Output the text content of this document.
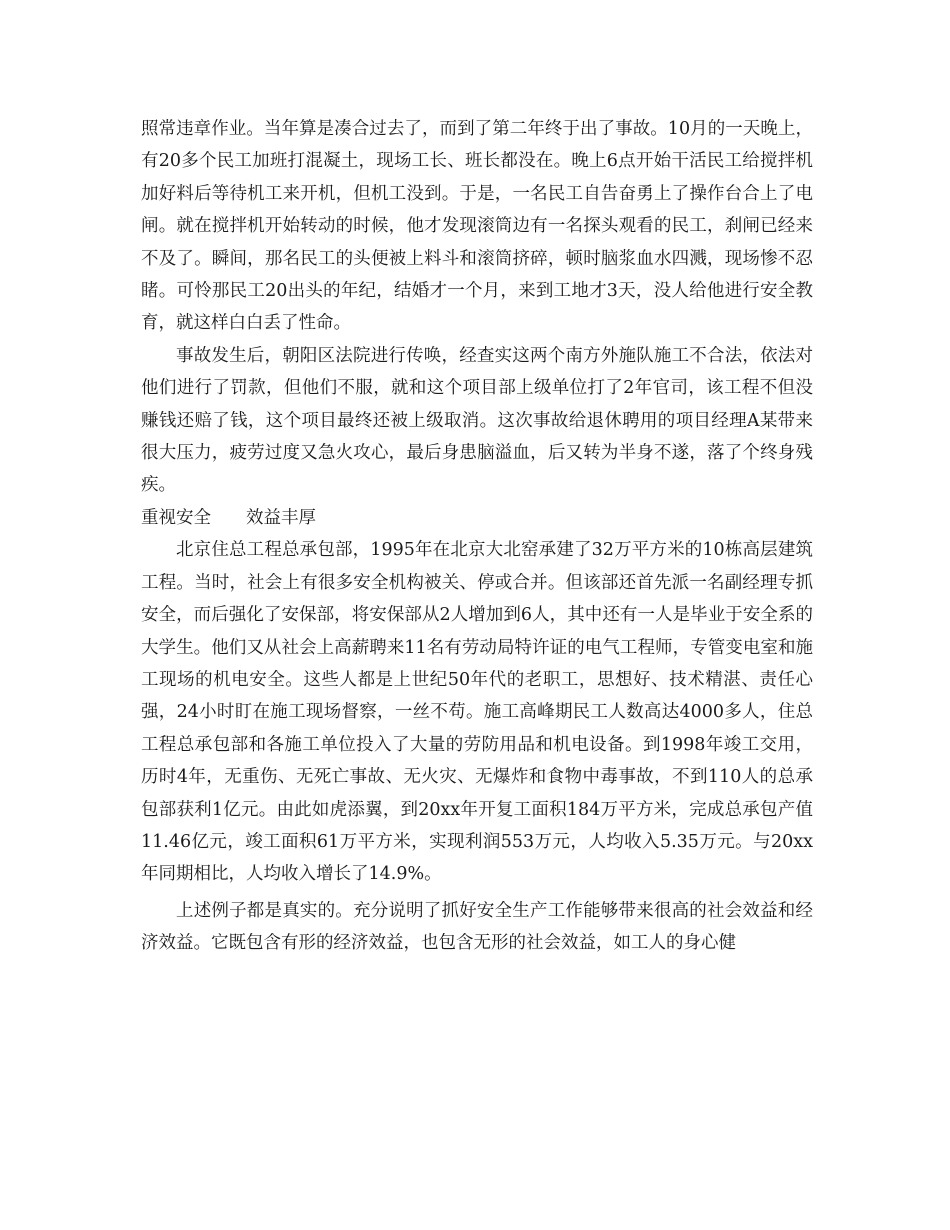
照常违章作业。当年算是凑合过去了，而到了第二年终于出了事故。10月的一天晚上，有20多个民工加班打混凝土，现场工长、班长都没在。晚上6点开始干活民工给搅拌机加好料后等待机工来开机，但机工没到。于是，一名民工自告奋勇上了操作台合上了电闸。就在搅拌机开始转动的时候，他才发现滚筒边有一名探头观看的民工，刹闸已经来不及了。瞬间，那名民工的头便被上料斗和滚筒挤碎，顿时脑浆血水四溅，现场惨不忍睹。可怜那民工20出头的年纪，结婚才一个月，来到工地才3天，没人给他进行安全教育，就这样白白丢了性命。

事故发生后，朝阳区法院进行传唤，经查实这两个南方外施队施工不合法，依法对他们进行了罚款，但他们不服，就和这个项目部上级单位打了2年官司，该工程不但没赚钱还赔了钱，这个项目最终还被上级取消。这次事故给退休聘用的项目经理A某带来很大压力，疲劳过度又急火攻心，最后身患脑溢血，后又转为半身不遂，落了个终身残疾。

重视安全　　效益丰厚

北京住总工程总承包部，1995年在北京大北窑承建了32万平方米的10栋高层建筑工程。当时，社会上有很多安全机构被关、停或合并。但该部还首先派一名副经理专抓安全，而后强化了安保部，将安保部从2人增加到6人，其中还有一人是毕业于安全系的大学生。他们又从社会上高薪聘来11名有劳动局特许证的电气工程师，专管变电室和施工现场的机电安全。这些人都是上世纪50年代的老职工，思想好、技术精湛、责任心强，24小时盯在施工现场督察，一丝不苟。施工高峰期民工人数高达4000多人，住总工程总承包部和各施工单位投入了大量的劳防用品和机电设备。到1998年竣工交用，历时4年，无重伤、无死亡事故、无火灾、无爆炸和食物中毒事故，不到110人的总承包部获利1亿元。由此如虎添翼，到20xx年开复工面积184万平方米，完成总承包产值11.46亿元，竣工面积61万平方米，实现利润553万元，人均收入5.35万元。与20xx年同期相比，人均收入增长了14.9%。

上述例子都是真实的。充分说明了抓好安全生产工作能够带来很高的社会效益和经济效益。它既包含有形的经济效益，也包含无形的社会效益，如工人的身心健
